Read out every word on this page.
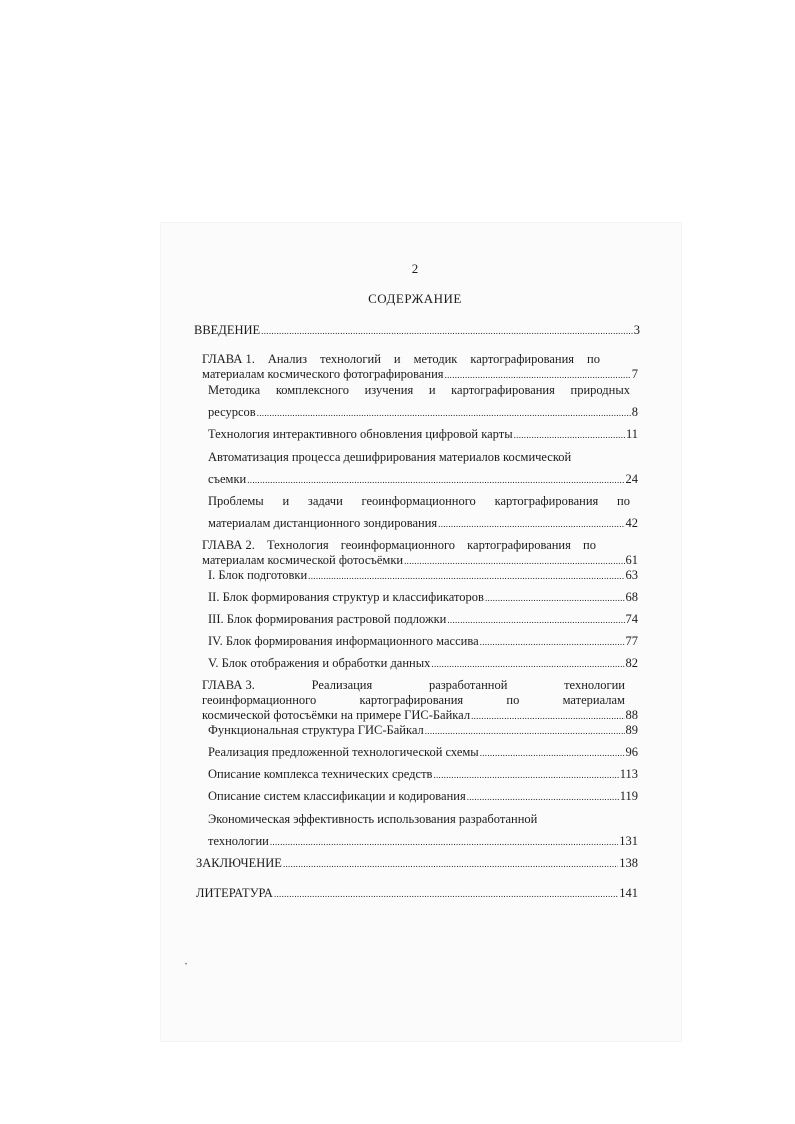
2
СОДЕРЖАНИЕ
ВВЕДЕНИЕ .....	3
ГЛАВА 1. Анализ технологий и методик картографирования по
материалам космического фотографирования .....	7
Методика комплексного изучения и картографирования природных
ресурсов .....	8
Технология интерактивного обновления цифровой карты .....	11
Автоматизация процесса дешифрирования материалов космической
съемки .....	24
Проблемы и задачи геоинформационного картографирования по
материалам дистанционного зондирования .....	42
ГЛАВА 2. Технология геоинформационного картографирования по
материалам космической фотосъёмки .....	61
I. Блок подготовки .....	63
II. Блок формирования структур и классификаторов .....	68
III. Блок формирования растровой подложки .....	74
IV. Блок формирования информационного массива .....	77
V. Блок отображения и обработки данных .....	82
ГЛАВА 3.	Реализация	разработанной	технологии
геоинформационного	картографирования	по	материалам
космической фотосъёмки на примере ГИС-Байкал .....	88
Функциональная структура ГИС-Байкал .....	89
Реализация предложенной технологической схемы .....	96
Описание комплекса технических средств .....	113
Описание систем классификации и кодирования .....	119
Экономическая эффективность использования разработанной
технологии .....	131
ЗАКЛЮЧЕНИЕ .....	138
ЛИТЕРАТУРА .....	141
•
